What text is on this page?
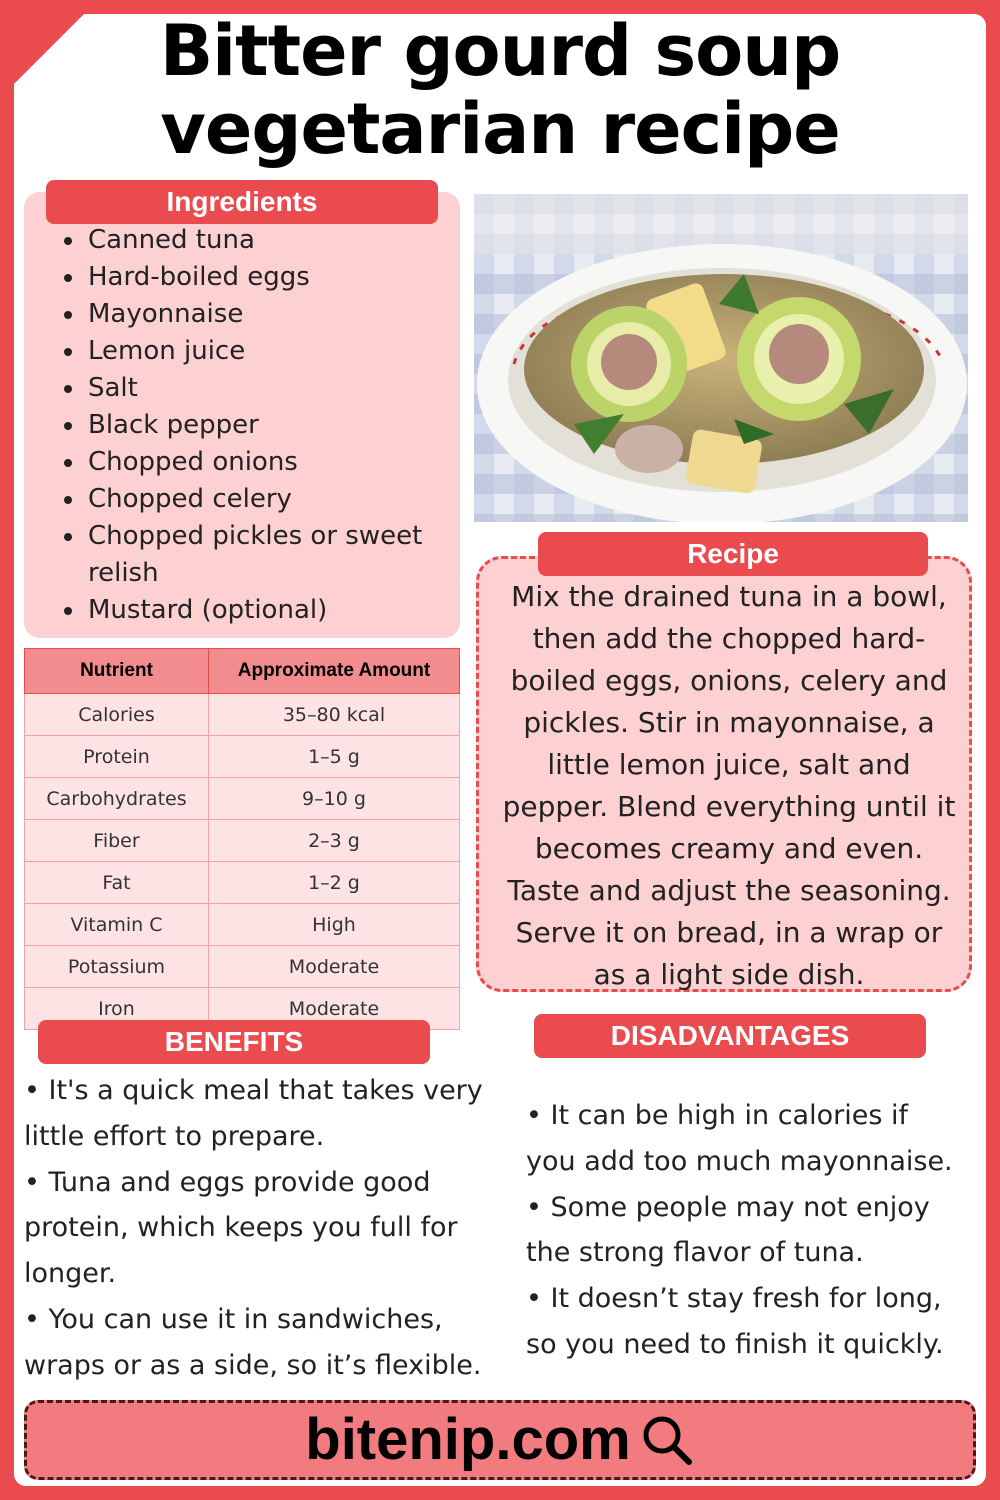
Bitter gourd soup
vegetarian recipe
Ingredients
• Canned tuna
• Hard-boiled eggs
• Mayonnaise
• Lemon juice
• Salt
• Black pepper
• Chopped onions
• Chopped celery
• Chopped pickles or sweet relish
• Mustard (optional)
Recipe

Mix the drained tuna in a bowl, then add the chopped hard-boiled eggs, onions, celery and pickles. Stir in mayonnaise, a little lemon juice, salt and pepper. Blend everything until it becomes creamy and even. Taste and adjust the seasoning. Serve it on bread, in a wrap or as a light side dish.

Nutrient	Approximate Amount
Calories	35–80 kcal
Protein	1–5 g
Carbohydrates	9–10 g
Fiber	2–3 g
Fat	1–2 g
Vitamin C	High
Potassium	Moderate
Iron	Moderate
BENEFITS

• It's a quick meal that takes very little effort to prepare.

• Tuna and eggs provide good protein, which keeps you full for longer.

• You can use it in sandwiches, wraps or as a side, so it’s flexible.

DISADVANTAGES

• It can be high in calories if you add too much mayonnaise.

• Some people may not enjoy the strong flavor of tuna.

• It doesn’t stay fresh for long, so you need to finish it quickly.

bitenip.com
